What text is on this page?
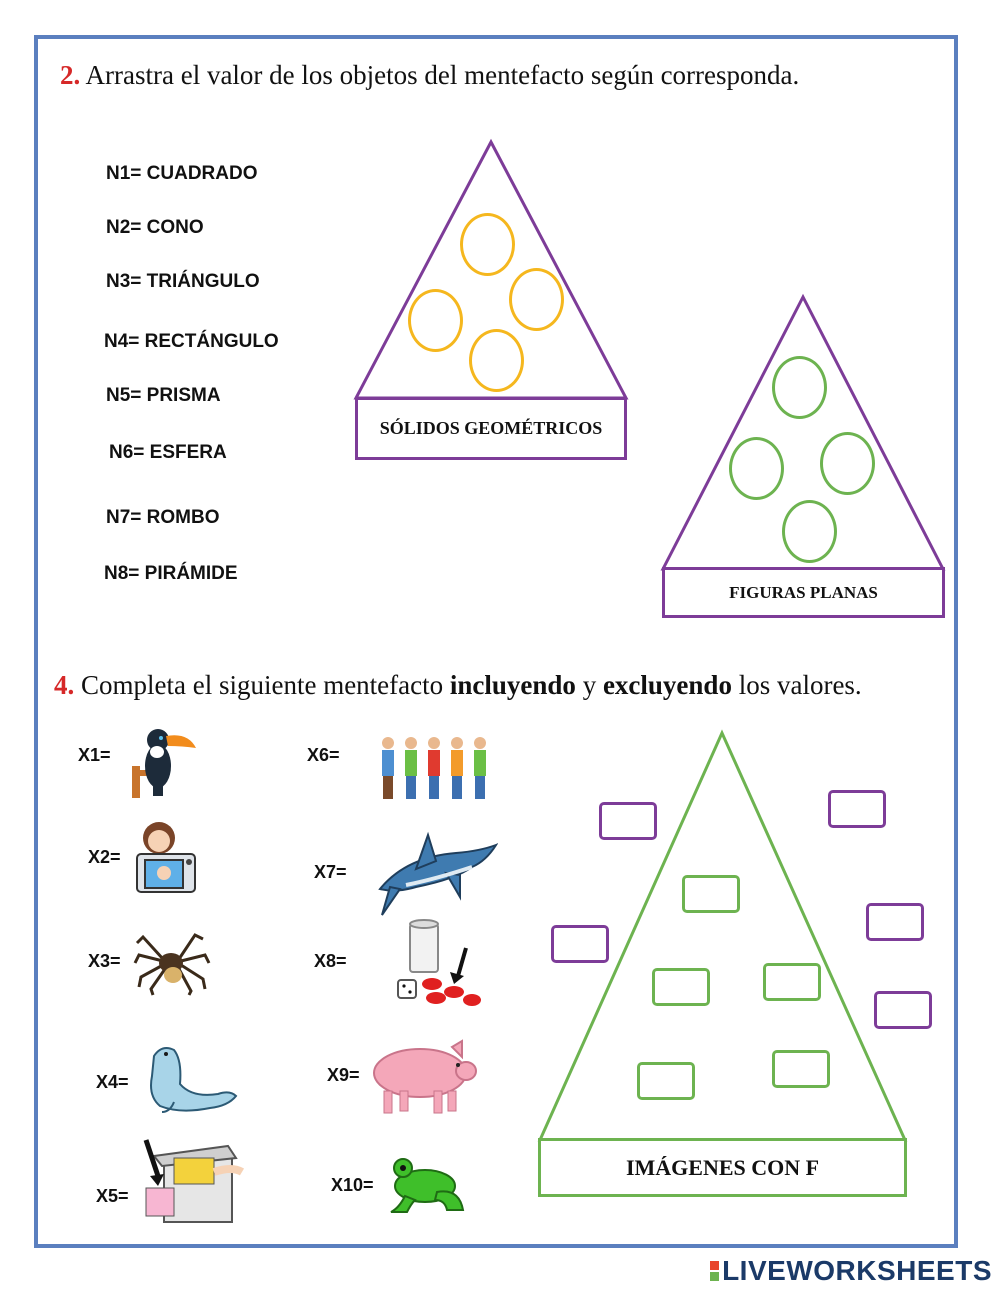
2. Arrastra el valor de los objetos del mentefacto según corresponda.
N1= CUADRADO
N2= CONO
N3= TRIÁNGULO
N4= RECTÁNGULO
N5= PRISMA
N6= ESFERA
N7= ROMBO
N8= PIRÁMIDE
SÓLIDOS GEOMÉTRICOS
FIGURAS PLANAS
4. Completa el siguiente mentefacto incluyendo y excluyendo los valores.
X1=
X2=
X3=
X4=
X5=
X6=
X7=
X8=
X9=
X10=
IMÁGENES CON F
LIVEWORKSHEETS
